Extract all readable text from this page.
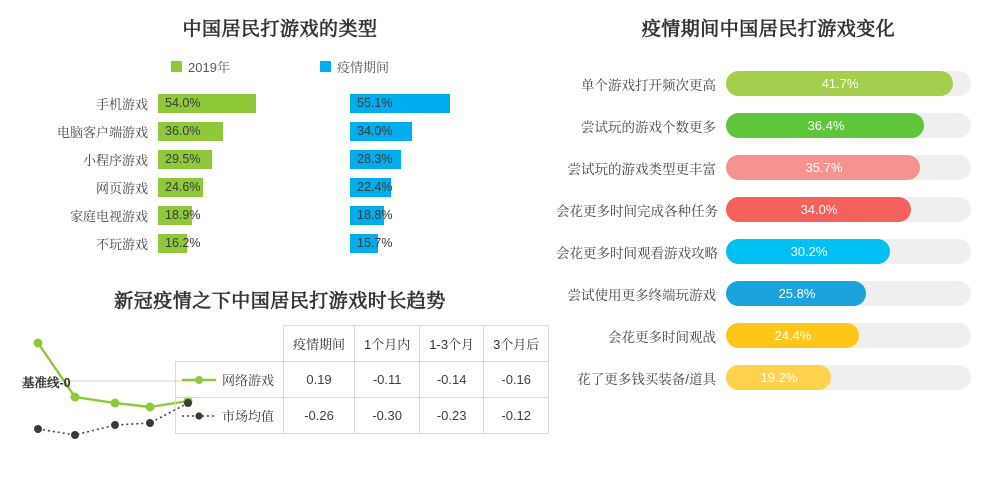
中国居民打游戏的类型
2019年	疫情期间
手机游戏	54.0%	55.1%
电脑客户端游戏	36.0%	34.0%
小程序游戏	29.5%	28.3%
网页游戏	24.6%	22.4%
家庭电视游戏	18.9%	18.8%
不玩游戏	16.2%	15.7%
新冠疫情之下中国居民打游戏时长趋势
基准线-0
	疫情期间	1个月内	1-3个月	3个月后

网络游戏	0.19	-0.11	-0.14	-0.16

市场均值	-0.26	-0.30	-0.23	-0.12
疫情期间中国居民打游戏变化
单个游戏打开频次更高	41.7%
尝试玩的游戏个数更多	36.4%
尝试玩的游戏类型更丰富	35.7%
会花更多时间完成各种任务	34.0%
会花更多时间观看游戏攻略	30.2%
尝试使用更多终端玩游戏	25.8%
会花更多时间观战	24.4%
花了更多钱买装备/道具	19.2%
